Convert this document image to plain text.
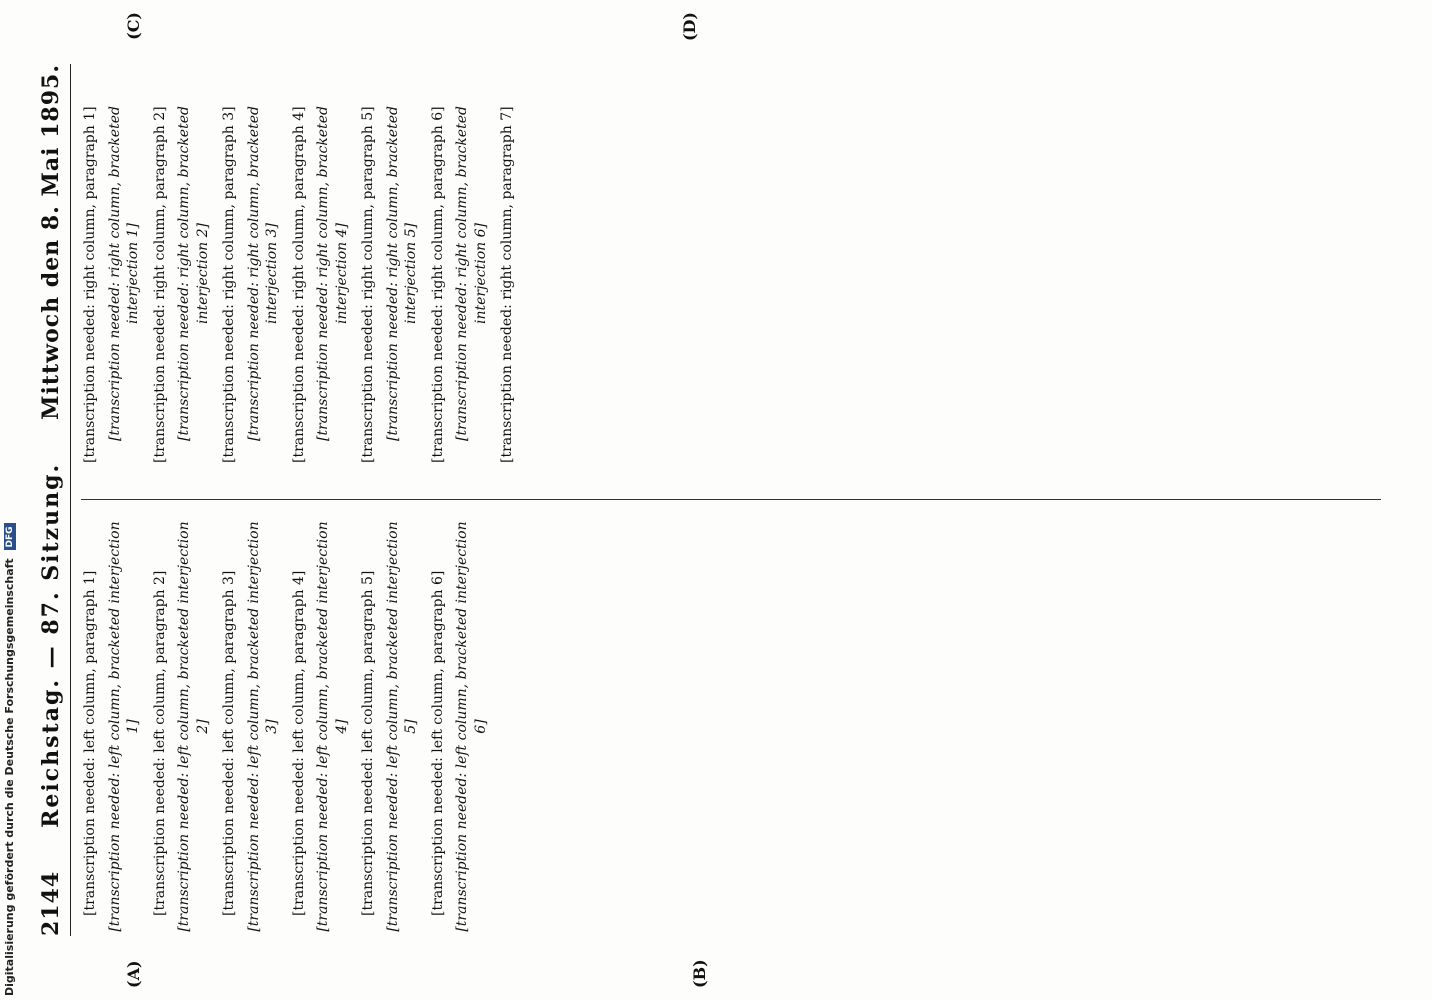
2144
Reichstag. — 87. Sitzung.
Mittwoch den 8. Mai 1895.
(A)	(B)

[transcription needed: left column, paragraph 1] [transcription needed: left column, bracketed interjection 1] [transcription needed: left column, paragraph 2] [transcription needed: left column, bracketed interjection 2] [transcription needed: left column, paragraph 3] [transcription needed: left column, bracketed interjection 3] [transcription needed: left column, paragraph 4] [transcription needed: left column, bracketed interjection 4] [transcription needed: left column, paragraph 5] [transcription needed: left column, bracketed interjection 5] [transcription needed: left column, paragraph 6] [transcription needed: left column, bracketed interjection 6]
(C)	(D)

[transcription needed: right column, paragraph 1] [transcription needed: right column, bracketed interjection 1] [transcription needed: right column, paragraph 2] [transcription needed: right column, bracketed interjection 2] [transcription needed: right column, paragraph 3] [transcription needed: right column, bracketed interjection 3] [transcription needed: right column, paragraph 4] [transcription needed: right column, bracketed interjection 4] [transcription needed: right column, paragraph 5] [transcription needed: right column, bracketed interjection 5] [transcription needed: right column, paragraph 6] [transcription needed: right column, bracketed interjection 6] [transcription needed: right column, paragraph 7]

Digitalisierung gefördert durch die Deutsche Forschungsgemeinschaft DFG
